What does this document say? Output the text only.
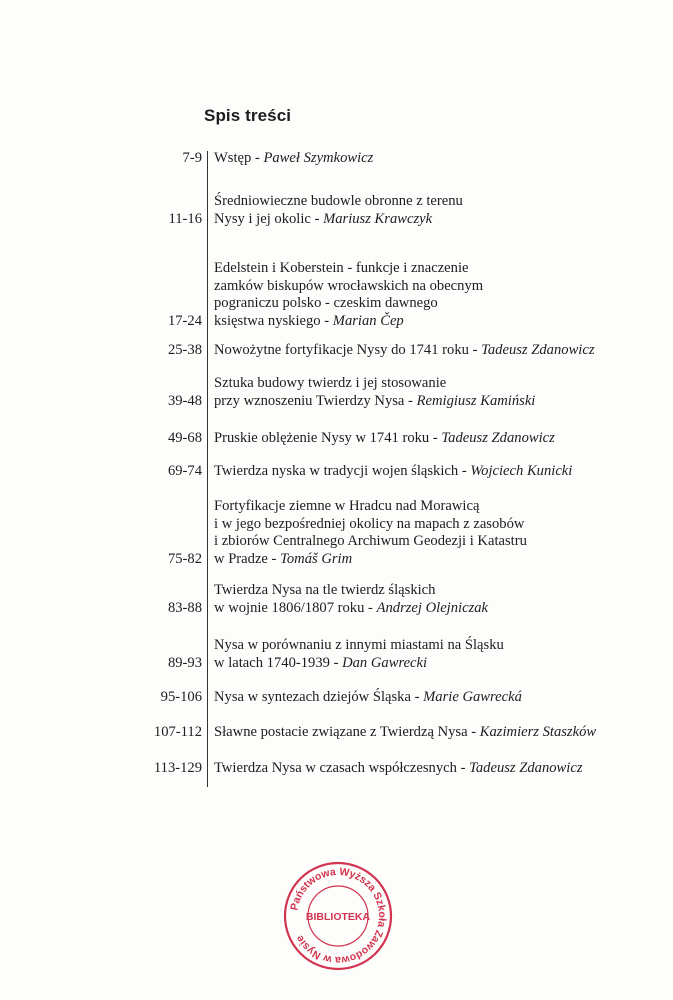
Spis treści
7-9 Wstęp - Paweł Szymkowicz
11-16
Średniowieczne budowle obronne z terenu
Nysy i jej okolic - Mariusz Krawczyk
17-24
Edelstein i Koberstein - funkcje i znaczenie
zamków biskupów wrocławskich na obecnym
pograniczu polsko - czeskim dawnego
księstwa nyskiego - Marian Čep
25-38 Nowożytne fortyfikacje Nysy do 1741 roku - Tadeusz Zdanowicz
39-48
Sztuka budowy twierdz i jej stosowanie
przy wznoszeniu Twierdzy Nysa - Remigiusz Kamiński
49-68 Pruskie oblężenie Nysy w 1741 roku - Tadeusz Zdanowicz
69-74 Twierdza nyska w tradycji wojen śląskich - Wojciech Kunicki
75-82
Fortyfikacje ziemne w Hradcu nad Morawicą
i w jego bezpośredniej okolicy na mapach z zasobów
i zbiorów Centralnego Archiwum Geodezji i Katastru
w Pradze - Tomáš Grim
83-88
Twierdza Nysa na tle twierdz śląskich
w wojnie 1806/1807 roku - Andrzej Olejniczak
89-93
Nysa w porównaniu z innymi miastami na Śląsku
w latach 1740-1939 - Dan Gawrecki
95-106 Nysa w syntezach dziejów Śląska - Marie Gawrecká
107-112 Sławne postacie związane z Twierdzą Nysa - Kazimierz Staszków
113-129 Twierdza Nysa w czasach współczesnych - Tadeusz Zdanowicz
Państwowa Wyższa Szkoła Zawodowa w Nysie
BIBLIOTEKA
